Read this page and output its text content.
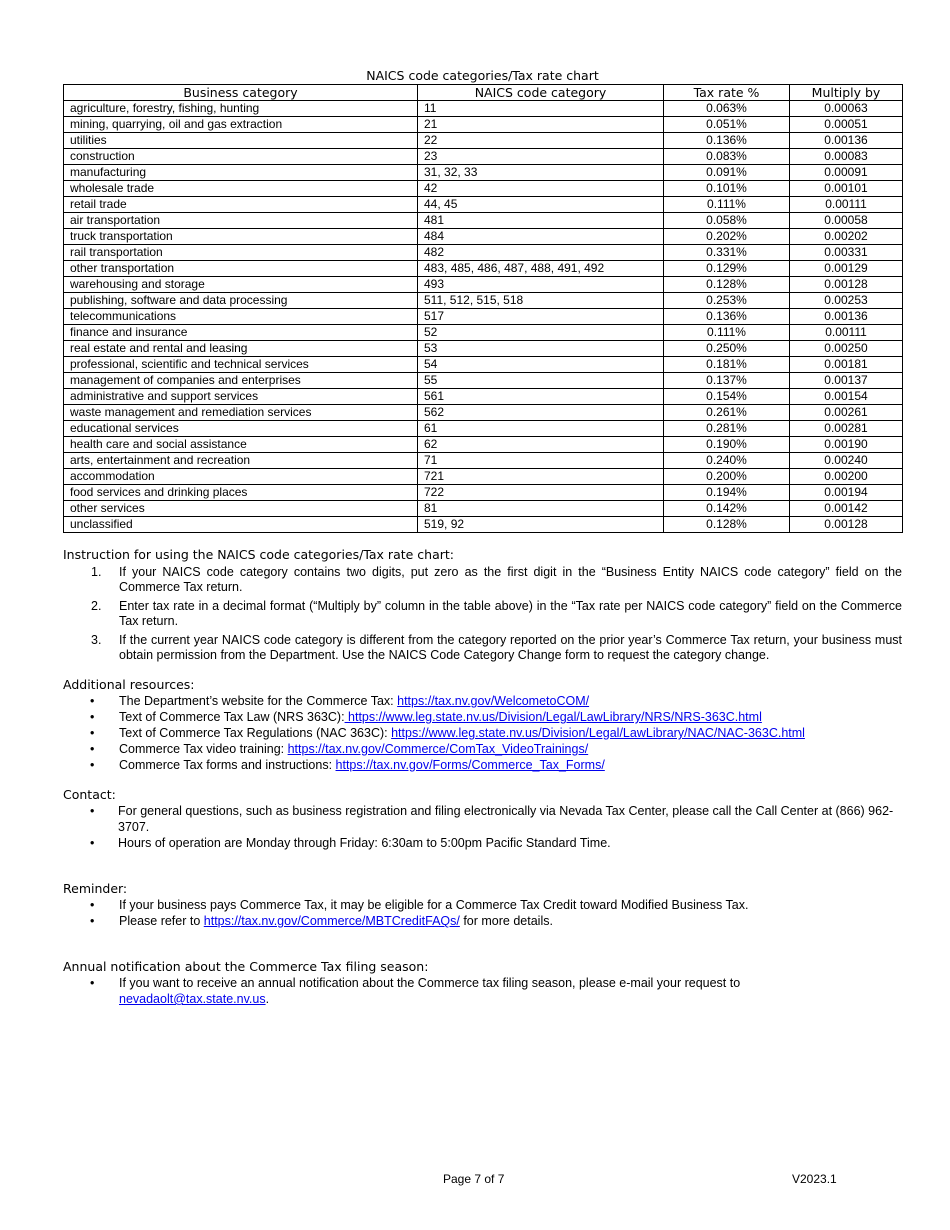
NAICS code categories/Tax rate chart
Business category	NAICS code category	Tax rate %	Multiply by
agriculture, forestry, fishing, hunting	11	0.063%	0.00063
mining, quarrying, oil and gas extraction	21	0.051%	0.00051
utilities	22	0.136%	0.00136
construction	23	0.083%	0.00083
manufacturing	31, 32, 33	0.091%	0.00091
wholesale trade	42	0.101%	0.00101
retail trade	44, 45	0.111%	0.00111
air transportation	481	0.058%	0.00058
truck transportation	484	0.202%	0.00202
rail transportation	482	0.331%	0.00331
other transportation	483, 485, 486, 487, 488, 491, 492	0.129%	0.00129
warehousing and storage	493	0.128%	0.00128
publishing, software and data processing	511, 512, 515, 518	0.253%	0.00253
telecommunications	517	0.136%	0.00136
finance and insurance	52	0.111%	0.00111
real estate and rental and leasing	53	0.250%	0.00250
professional, scientific and technical services	54	0.181%	0.00181
management of companies and enterprises	55	0.137%	0.00137
administrative and support services	561	0.154%	0.00154
waste management and remediation services	562	0.261%	0.00261
educational services	61	0.281%	0.00281
health care and social assistance	62	0.190%	0.00190
arts, entertainment and recreation	71	0.240%	0.00240
accommodation	721	0.200%	0.00200
food services and drinking places	722	0.194%	0.00194
other services	81	0.142%	0.00142
unclassified	519, 92	0.128%	0.00128
Instruction for using the NAICS code categories/Tax rate chart:
1. If your NAICS code category contains two digits, put zero as the first digit in the “Business Entity NAICS code category” field on the Commerce Tax return.
2. Enter tax rate in a decimal format (“Multiply by” column in the table above) in the “Tax rate per NAICS code category” field on the Commerce Tax return.
3. If the current year NAICS code category is different from the category reported on the prior year’s Commerce Tax return, your business must obtain permission from the Department. Use the NAICS Code Category Change form to request the category change.
Additional resources:
• The Department’s website for the Commerce Tax: https://tax.nv.gov/WelcometoCOM/
• Text of Commerce Tax Law (NRS 363C): https://www.leg.state.nv.us/Division/Legal/LawLibrary/NRS/NRS-363C.html
• Text of Commerce Tax Regulations (NAC 363C): https://www.leg.state.nv.us/Division/Legal/LawLibrary/NAC/NAC-363C.html
• Commerce Tax video training: https://tax.nv.gov/Commerce/ComTax_VideoTrainings/
• Commerce Tax forms and instructions: https://tax.nv.gov/Forms/Commerce_Tax_Forms/
Contact:
• For general questions, such as business registration and filing electronically via Nevada Tax Center, please call the Call Center at (866) 962-3707.
• Hours of operation are Monday through Friday: 6:30am to 5:00pm Pacific Standard Time.
Reminder:
• If your business pays Commerce Tax, it may be eligible for a Commerce Tax Credit toward Modified Business Tax.
• Please refer to https://tax.nv.gov/Commerce/MBTCreditFAQs/ for more details.
Annual notification about the Commerce Tax filing season:
• If you want to receive an annual notification about the Commerce tax filing season, please e-mail your request to nevadaolt@tax.state.nv.us.
Page 7 of 7	V2023.1
